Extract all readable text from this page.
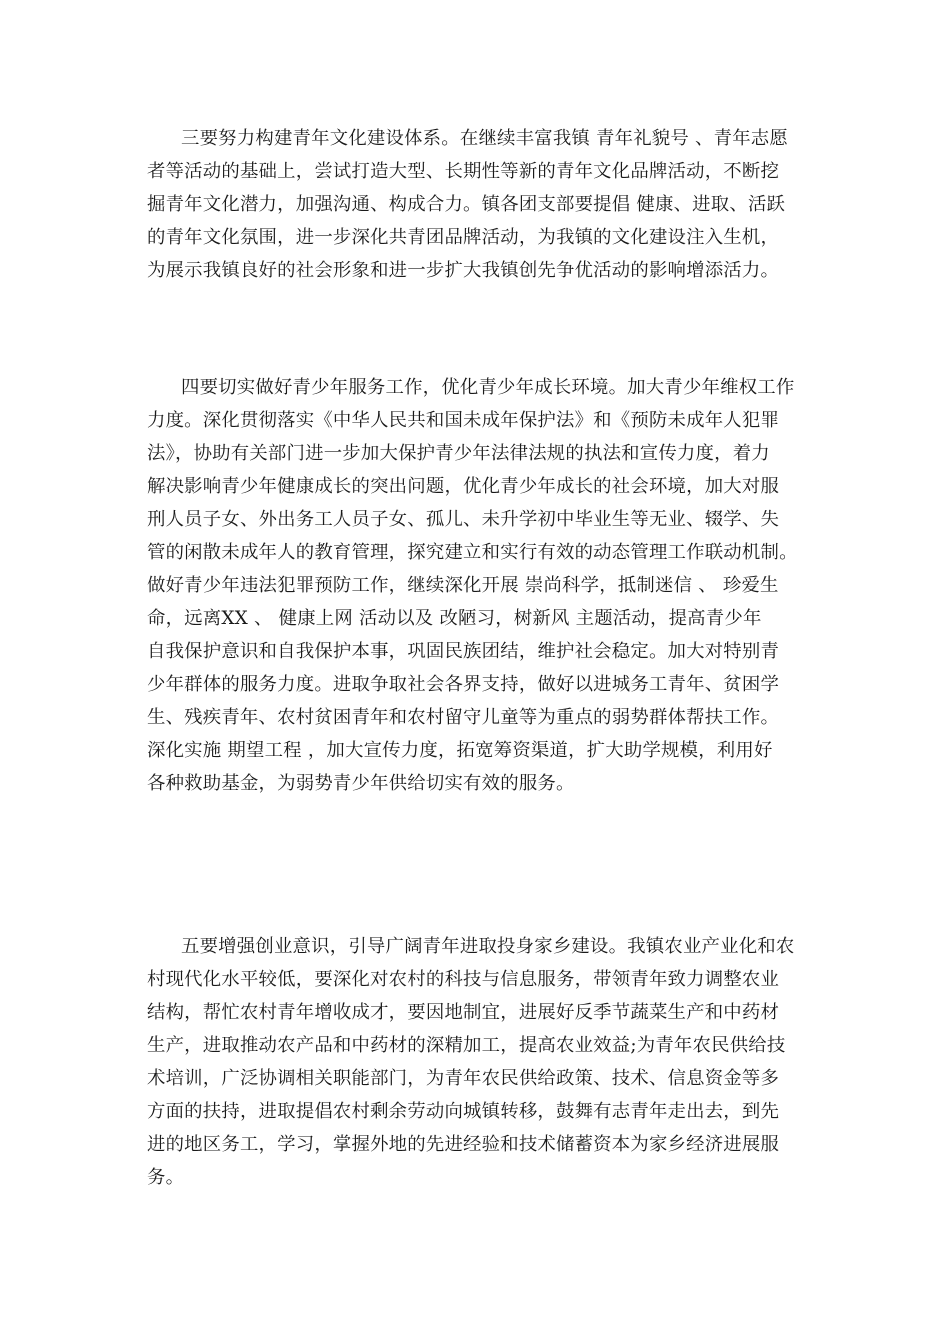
三要努力构建青年文化建设体系。在继续丰富我镇 青年礼貌号 、青年志愿
者等活动的基础上，尝试打造大型、长期性等新的青年文化品牌活动，不断挖
掘青年文化潜力，加强沟通、构成合力。镇各团支部要提倡 健康、进取、活跃
的青年文化氛围，进一步深化共青团品牌活动，为我镇的文化建设注入生机，
为展示我镇良好的社会形象和进一步扩大我镇创先争优活动的影响增添活力。
四要切实做好青少年服务工作，优化青少年成长环境。加大青少年维权工作
力度。深化贯彻落实《中华人民共和国未成年保护法》和《预防未成年人犯罪
法》，协助有关部门进一步加大保护青少年法律法规的执法和宣传力度，着力
解决影响青少年健康成长的突出问题，优化青少年成长的社会环境，加大对服
刑人员子女、外出务工人员子女、孤儿、未升学初中毕业生等无业、辍学、失
管的闲散未成年人的教育管理，探究建立和实行有效的动态管理工作联动机制。
做好青少年违法犯罪预防工作，继续深化开展 崇尚科学，抵制迷信 、 珍爱生
命，远离XX 、 健康上网 活动以及 改陋习，树新风 主题活动，提高青少年
自我保护意识和自我保护本事，巩固民族团结，维护社会稳定。加大对特别青
少年群体的服务力度。进取争取社会各界支持，做好以进城务工青年、贫困学
生、残疾青年、农村贫困青年和农村留守儿童等为重点的弱势群体帮扶工作。
深化实施 期望工程 ，加大宣传力度，拓宽筹资渠道，扩大助学规模，利用好
各种救助基金，为弱势青少年供给切实有效的服务。
五要增强创业意识，引导广阔青年进取投身家乡建设。我镇农业产业化和农
村现代化水平较低，要深化对农村的科技与信息服务，带领青年致力调整农业
结构，帮忙农村青年增收成才，要因地制宜，进展好反季节蔬菜生产和中药材
生产，进取推动农产品和中药材的深精加工，提高农业效益;为青年农民供给技
术培训，广泛协调相关职能部门，为青年农民供给政策、技术、信息资金等多
方面的扶持，进取提倡农村剩余劳动向城镇转移，鼓舞有志青年走出去，到先
进的地区务工，学习，掌握外地的先进经验和技术储蓄资本为家乡经济进展服
务。
